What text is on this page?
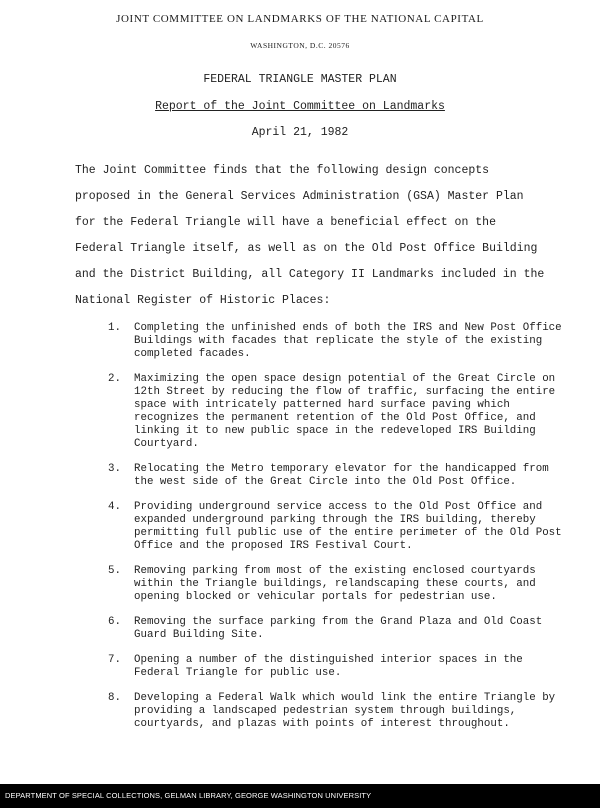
JOINT COMMITTEE ON LANDMARKS OF THE NATIONAL CAPITAL
WASHINGTON, D.C. 20576
FEDERAL TRIANGLE MASTER PLAN
Report of the Joint Committee on Landmarks
April 21, 1982

The Joint Committee finds that the following design concepts proposed in the General Services Administration (GSA) Master Plan for the Federal Triangle will have a beneficial effect on the Federal Triangle itself, as well as on the Old Post Office Building and the District Building, all Category II Landmarks included in the National Register of Historic Places:

1.	Completing the unfinished ends of both the IRS and New Post Office Buildings with facades that replicate the style of the existing completed facades.
2.	Maximizing the open space design potential of the Great Circle on 12th Street by reducing the flow of traffic, surfacing the entire space with intricately patterned hard surface paving which recognizes the permanent retention of the Old Post Office, and linking it to new public space in the redeveloped IRS Building Courtyard.
3.	Relocating the Metro temporary elevator for the handicapped from the west side of the Great Circle into the Old Post Office.
4.	Providing underground service access to the Old Post Office and expanded underground parking through the IRS building, thereby permitting full public use of the entire perimeter of the Old Post Office and the proposed IRS Festival Court.
5.	Removing parking from most of the existing enclosed courtyards within the Triangle buildings, relandscaping these courts, and opening blocked or vehicular portals for pedestrian use.
6.	Removing the surface parking from the Grand Plaza and Old Coast Guard Building Site.
7.	Opening a number of the distinguished interior spaces in the Federal Triangle for public use.
8.	Developing a Federal Walk which would link the entire Triangle by providing a landscaped pedestrian system through buildings, courtyards, and plazas with points of interest throughout.
DEPARTMENT OF SPECIAL COLLECTIONS, GELMAN LIBRARY, GEORGE WASHINGTON UNIVERSITY
